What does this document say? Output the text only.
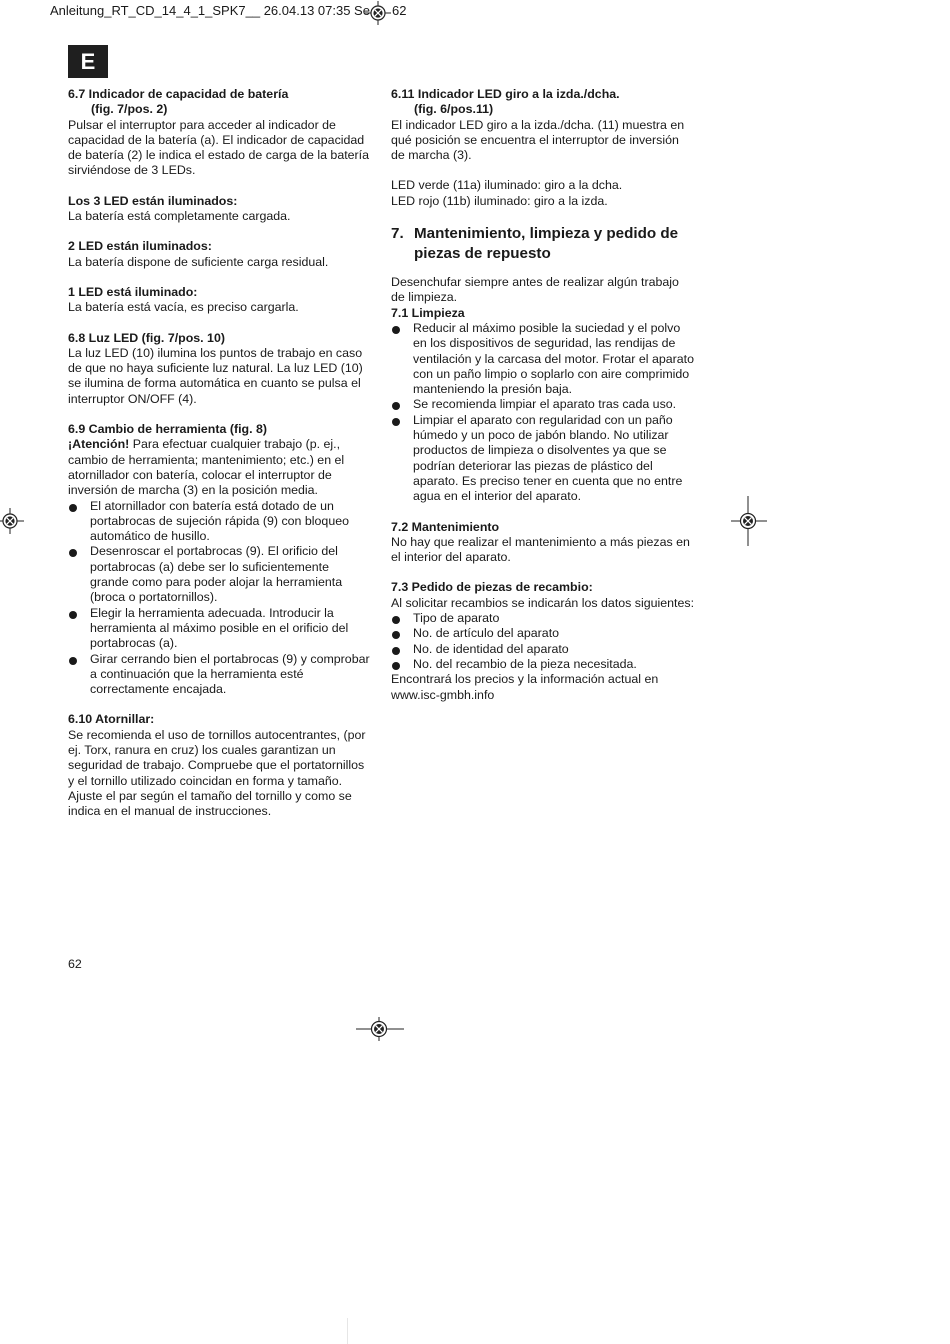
Anleitung_RT_CD_14_4_1_SPK7__ 26.04.13 07:35 Se 62
E

6.7 Indicador de capacidad de batería

(fig. 7/pos. 2)

Pulsar el interruptor para acceder al indicador de capacidad de la batería (a). El indicador de capacidad de batería (2) le indica el estado de carga de la batería sirviéndose de 3 LEDs.

Los 3 LED están iluminados:

La batería está completamente cargada.

2 LED están iluminados:

La batería dispone de suficiente carga residual.

1 LED está iluminado:

La batería está vacía, es preciso cargarla.

6.8 Luz LED (fig. 7/pos. 10)

La luz LED (10) ilumina los puntos de trabajo en caso de que no haya suficiente luz natural. La luz LED (10) se ilumina de forma automática en cuanto se pulsa el interruptor ON/OFF (4).

6.9 Cambio de herramienta (fig. 8)

¡Atención! Para efectuar cualquier trabajo (p. ej., cambio de herramienta; mantenimiento; etc.) en el atornillador con batería, colocar el interruptor de inversión de marcha (3) en la posición media.

El atornillador con batería está dotado de un portabrocas de sujeción rápida (9) con bloqueo automático de husillo.
Desenroscar el portabrocas (9). El orificio del portabrocas (a) debe ser lo suficientemente grande como para poder alojar la herramienta (broca o portatornillos).
Elegir la herramienta adecuada. Introducir la herramienta al máximo posible en el orificio del portabrocas (a).
Girar cerrando bien el portabrocas (9) y comprobar a continuación que la herramienta esté correctamente encajada.

6.10 Atornillar:

Se recomienda el uso de tornillos autocentrantes, (por ej. Torx, ranura en cruz) los cuales garantizan un seguridad de trabajo. Compruebe que el portatornillos y el tornillo utilizado coincidan en forma y tamaño. Ajuste el par según el tamaño del tornillo y como se indica en el manual de instrucciones.

6.11 Indicador LED giro a la izda./dcha.

(fig. 6/pos.11)

El indicador LED giro a la izda./dcha. (11) muestra en qué posición se encuentra el interruptor de inversión de marcha (3).

LED verde (11a) iluminado: giro a la dcha.

LED rojo (11b) iluminado: giro a la izda.

7. Mantenimiento, limpieza y pedido de
piezas de repuesto

Desenchufar siempre antes de realizar algún trabajo de limpieza.

7.1 Limpieza

Reducir al máximo posible la suciedad y el polvo en los dispositivos de seguridad, las rendijas de ventilación y la carcasa del motor. Frotar el aparato con un paño limpio o soplarlo con aire comprimido manteniendo la presión baja.
Se recomienda limpiar el aparato tras cada uso.
Limpiar el aparato con regularidad con un paño húmedo y un poco de jabón blando. No utilizar productos de limpieza o disolventes ya que se podrían deteriorar las piezas de plástico del aparato. Es preciso tener en cuenta que no entre agua en el interior del aparato.

7.2 Mantenimiento

No hay que realizar el mantenimiento a más piezas en el interior del aparato.

7.3 Pedido de piezas de recambio:

Al solicitar recambios se indicarán los datos siguientes:

Tipo de aparato
No. de artículo del aparato
No. de identidad del aparato
No. del recambio de la pieza necesitada.

Encontrará los precios y la información actual en www.isc-gmbh.info

62
